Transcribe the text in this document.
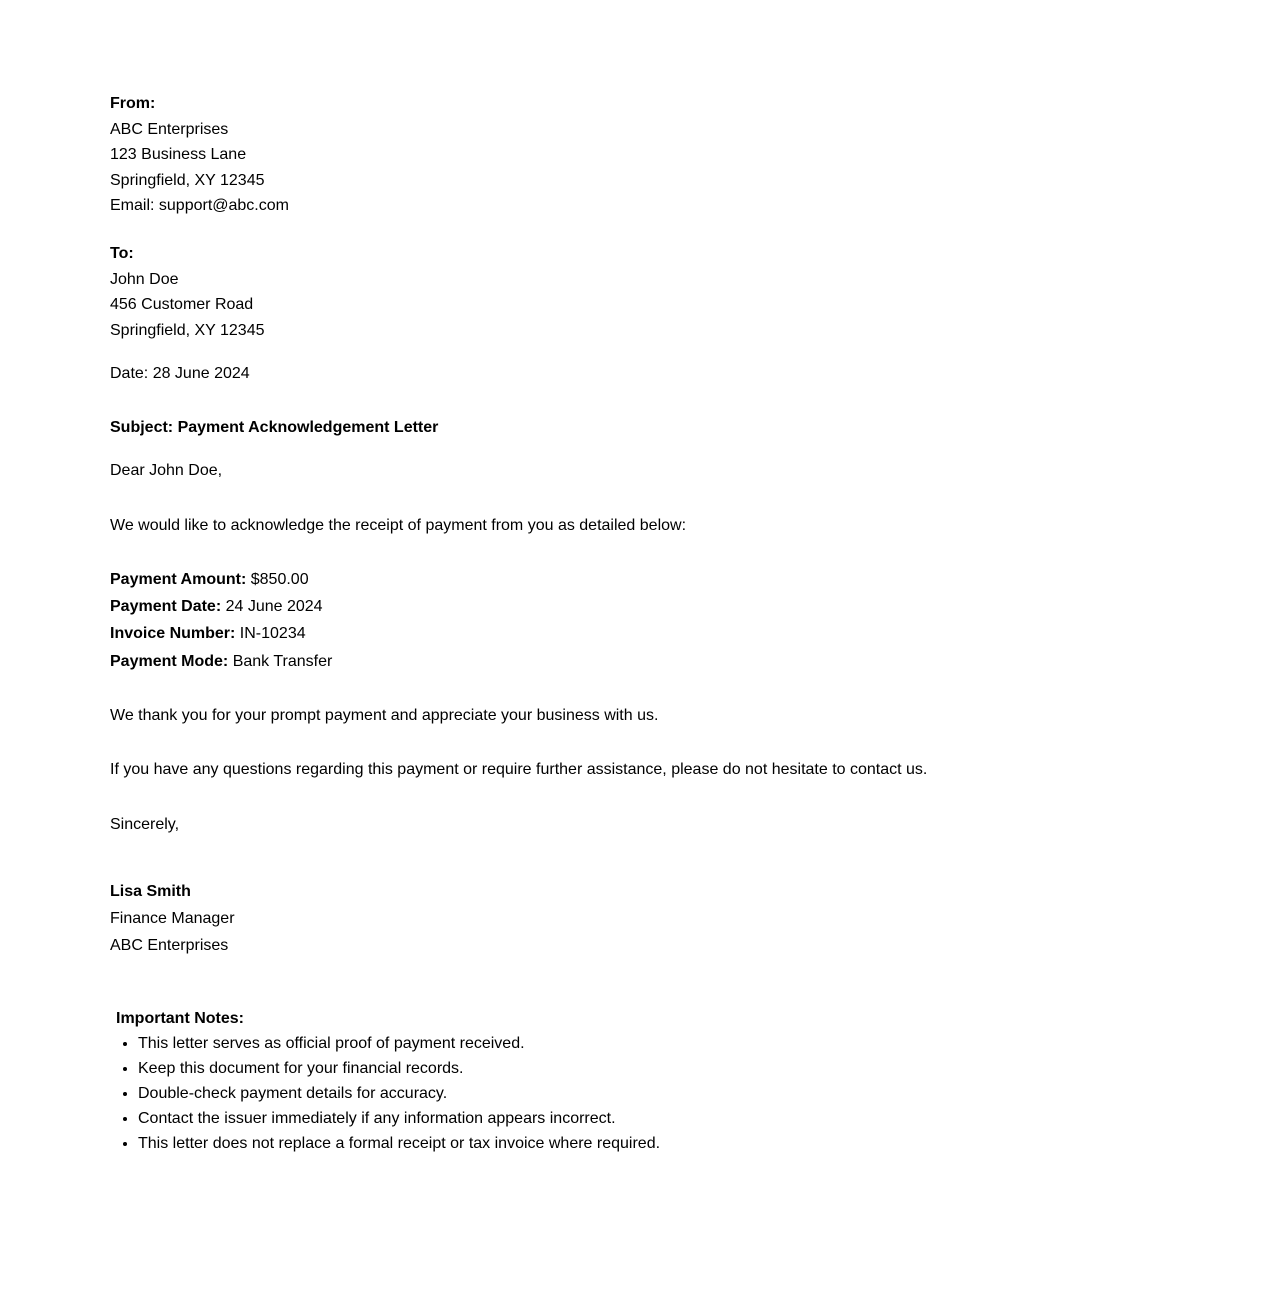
From:
ABC Enterprises
123 Business Lane
Springfield, XY 12345
Email: support@abc.com
To:
John Doe
456 Customer Road
Springfield, XY 12345
Date: 28 June 2024
Subject: Payment Acknowledgement Letter
Dear John Doe,
We would like to acknowledge the receipt of payment from you as detailed below:
Payment Amount: $850.00
Payment Date: 24 June 2024
Invoice Number: IN-10234
Payment Mode: Bank Transfer
We thank you for your prompt payment and appreciate your business with us.
If you have any questions regarding this payment or require further assistance, please do not hesitate to contact us.
Sincerely,
Lisa Smith
Finance Manager
ABC Enterprises
Important Notes:
• This letter serves as official proof of payment received.
• Keep this document for your financial records.
• Double-check payment details for accuracy.
• Contact the issuer immediately if any information appears incorrect.
• This letter does not replace a formal receipt or tax invoice where required.
